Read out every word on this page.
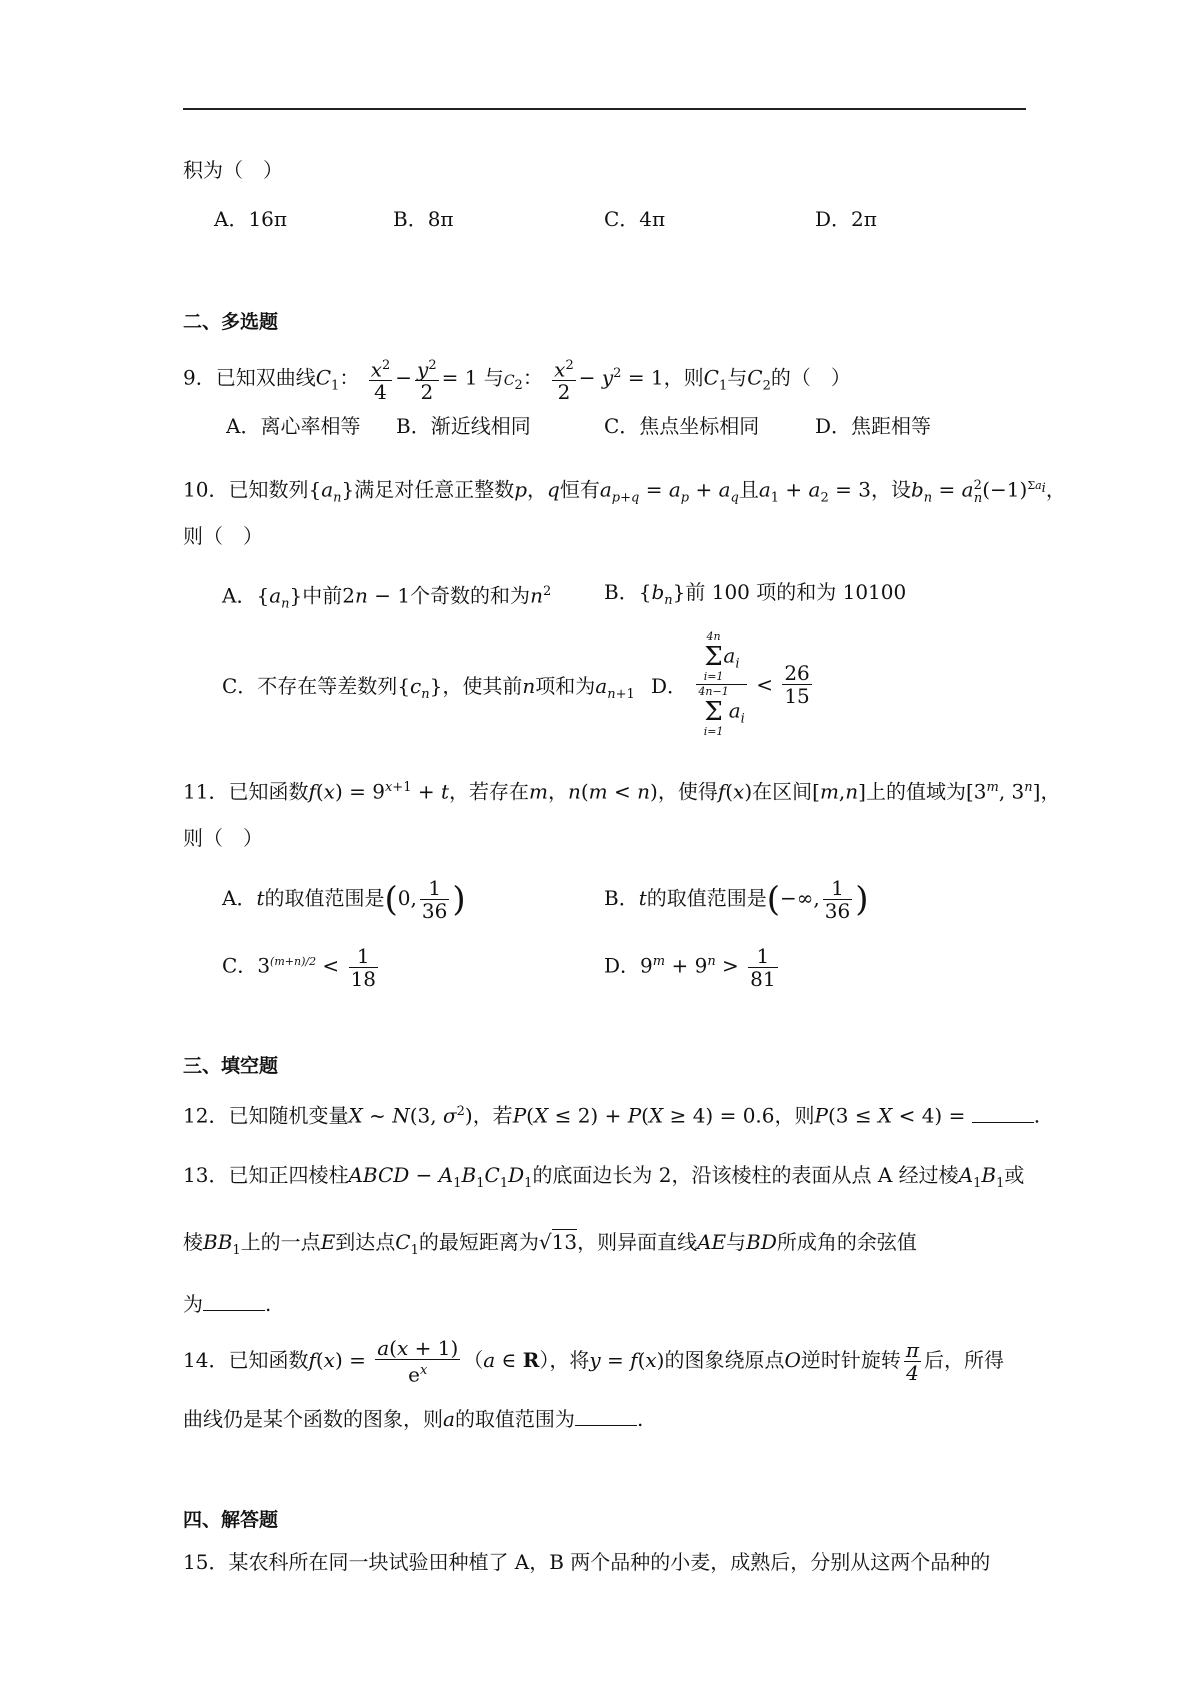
积为（　）
A．16π	B．8π	C．4π	D．2π
二、多选题
9．已知双曲线$C_1$： $\frac{x^2}{4} - \frac{y^2}{2} = 1$ 与$C_2$： $\frac{x^2}{2} - y^2 = 1$，则$C_1$与$C_2$的（　）
A．离心率相等 B．渐近线相同	C．焦点坐标相同	D．焦距相等
10．已知数列$\{a_n\}$满足对任意正整数p，q恒有$a_{p+q} = a_p + a_q$且$a_1 + a_2 = 3$，设$b_n = a^2_n(-1)^{\Sigma a_i}$，
则（　）
A．$\{a_n\}$中前2n − 1个奇数的和为$n^2$	B．$\{b_n\}$前 100 项的和为 10100
C．不存在等差数列$\{c_n\}$，使其前n项和为$a_{n+1}$ D．
4n
Σ
i=1
$a_i$
4n−1
Σ
i=1
$a_i$
< $\frac{26}{15}$
11．已知函数$f(x) = 9^{x+1} + t$，若存在m，n(m < n)，使得f(x)在区间[m,n]上的值域为[3$^m$, 3$^n$]，
则（　）
A．t的取值范围是(0, $\frac{1}{36}$ )	B．t的取值范围是(−∞, $\frac{1}{36}$ )
C．$3^{(m+n)/2} < \frac{1}{18}$	D．$9^m + 9^n > \frac{1}{81}$
三、填空题
12．已知随机变量X ~ N(3, $\sigma^2$)，若P(X ≤ 2) + P(X ≥ 4) = 0.6，则P(3 ≤ X < 4) =	.
13．已知正四棱柱ABCD − $A_1B_1C_1D_1$的底面边长为 2，沿该棱柱的表面从点 A 经过棱$A_1B_1$或
棱$BB_1$上的一点E到达点$C_1$的最短距离为√13，则异面直线AE与BD所成角的余弦值
为	.
14．已知函数$f(x) = \frac{a(x + 1)}{e^x} (a$ ∈ R），将y = f(x)的图象绕原点O逆时针旋转 $\frac{\pi}{4}$ 后，所得
曲线仍是某个函数的图象，则a的取值范围为	.
四、解答题
15．某农科所在同一块试验田种植了 A，B 两个品种的小麦，成熟后，分别从这两个品种的
